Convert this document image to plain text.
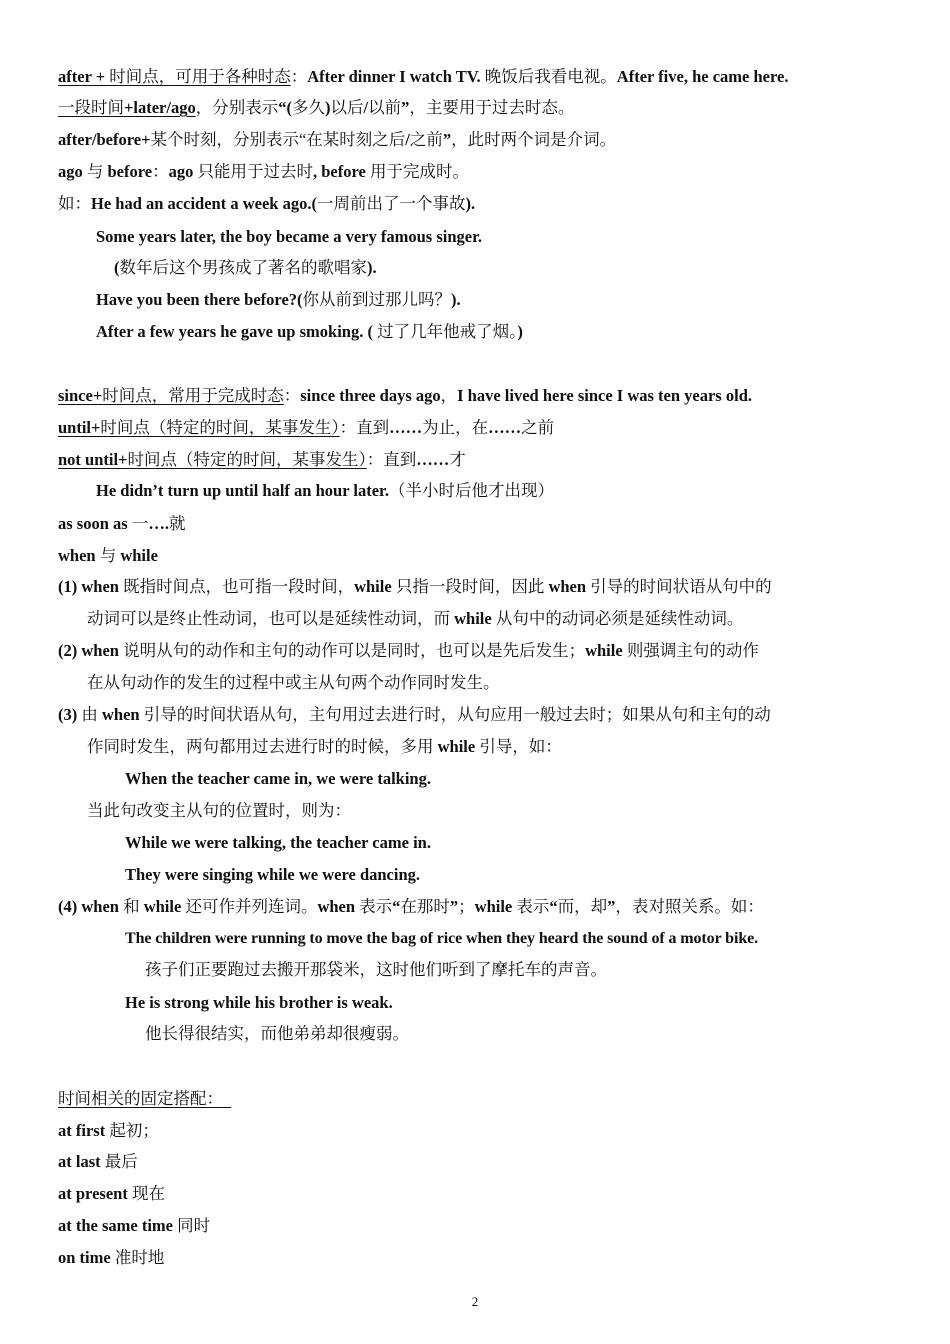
after + 时间点，可用于各种时态：After dinner I watch TV. 晚饭后我看电视。After five, he came here.
一段时间+later/ago，分别表示“(多久)以后/以前”，主要用于过去时态。
after/before+某个时刻，分别表示“在某时刻之后/之前”，此时两个词是介词。
ago 与 before：ago 只能用于过去时, before 用于完成时。
如：He had an accident a week ago.(一周前出了一个事故).
Some years later, the boy became a very famous singer.
(数年后这个男孩成了著名的歌唱家).
Have you been there before?(你从前到过那儿吗？).
After a few years he gave up smoking. ( 过了几年他戒了烟。)
since+时间点，常用于完成时态：since three days ago，I have lived here since I was ten years old.
until+时间点（特定的时间，某事发生）：直到……为止，在……之前
not until+时间点（特定的时间，某事发生）：直到……才
He didn’t turn up until half an hour later.（半小时后他才出现）
as soon as 一….就
when 与 while
(1) when 既指时间点，也可指一段时间，while 只指一段时间，因此 when 引导的时间状语从句中的
动词可以是终止性动词，也可以是延续性动词，而 while 从句中的动词必须是延续性动词。
(2) when 说明从句的动作和主句的动作可以是同时，也可以是先后发生；while 则强调主句的动作
在从句动作的发生的过程中或主从句两个动作同时发生。
(3) 由 when 引导的时间状语从句，主句用过去进行时，从句应用一般过去时；如果从句和主句的动
作同时发生，两句都用过去进行时的时候，多用 while 引导，如：
When the teacher came in, we were talking.
当此句改变主从句的位置时，则为：
While we were talking, the teacher came in.
They were singing while we were dancing.
(4) when 和 while 还可作并列连词。when 表示“在那时”；while 表示“而，却”，表对照关系。如：
The children were running to move the bag of rice when they heard the sound of a motor bike.
孩子们正要跑过去搬开那袋米，这时他们听到了摩托车的声音。
He is strong while his brother is weak.
他长得很结实，而他弟弟却很瘦弱。
时间相关的固定搭配：
at first 起初；
at last 最后
at present 现在
at the same time 同时
on time 准时地
2
